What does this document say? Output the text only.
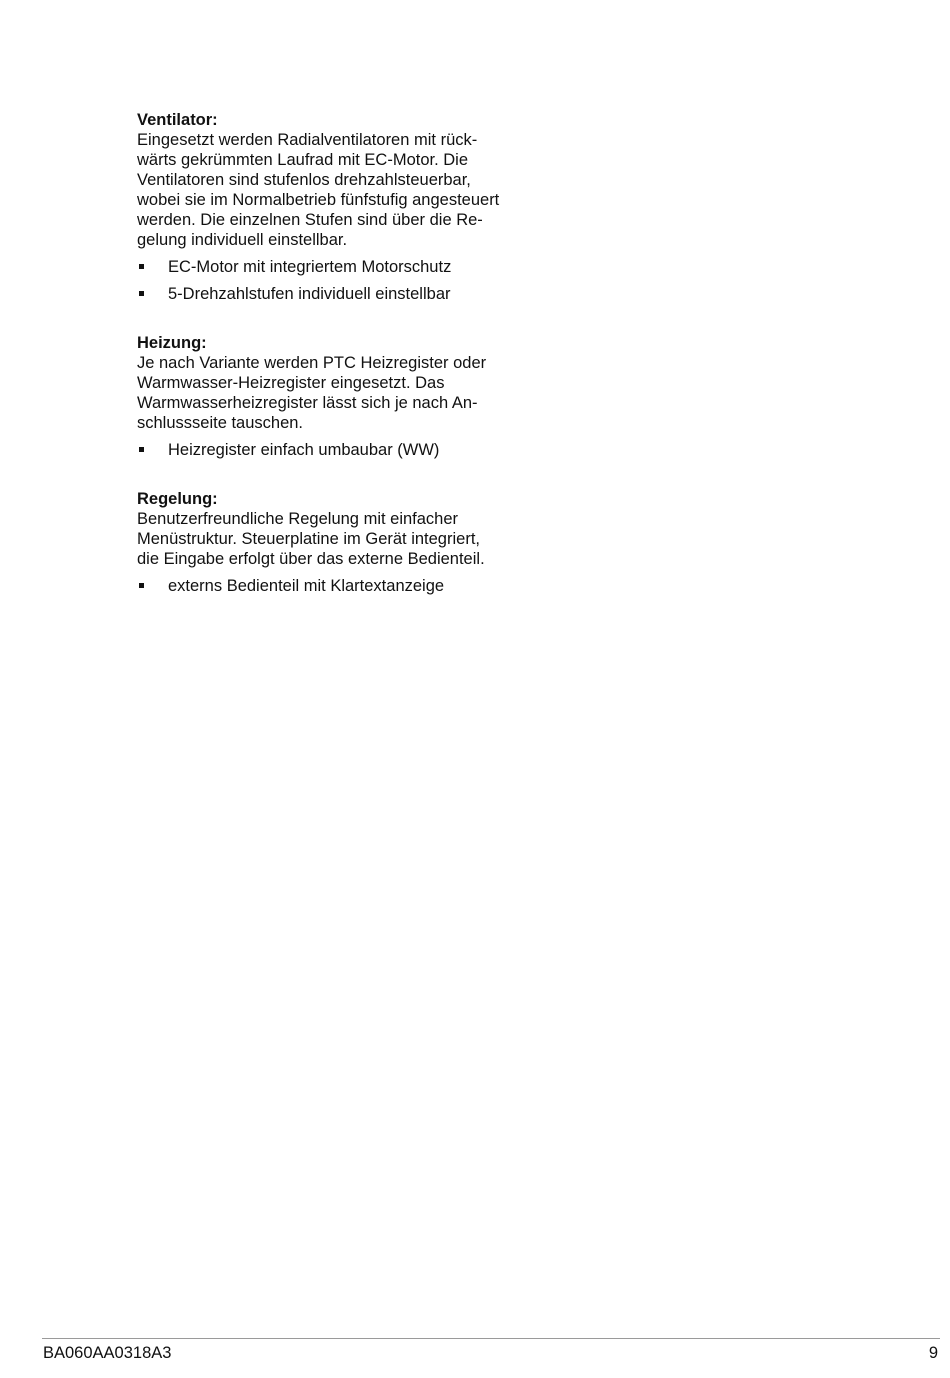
Ventilator:

Eingesetzt werden Radialventilatoren mit rück-
wärts gekrümmten Laufrad mit EC-Motor. Die
Ventilatoren sind stufenlos drehzahlsteuerbar,
wobei sie im Normalbetrieb fünfstufig angesteuert
werden. Die einzelnen Stufen sind über die Re-
gelung individuell einstellbar.

EC-Motor mit integriertem Motorschutz
5-Drehzahlstufen individuell einstellbar

Heizung:

Je nach Variante werden PTC Heizregister oder
Warmwasser-Heizregister eingesetzt. Das
Warmwasserheizregister lässt sich je nach An-
schlussseite tauschen.

Heizregister einfach umbaubar (WW)

Regelung:

Benutzerfreundliche Regelung mit einfacher
Menüstruktur. Steuerplatine im Gerät integriert,
die Eingabe erfolgt über das externe Bedienteil.

externs Bedienteil mit Klartextanzeige
BA060AA0318A3	9
